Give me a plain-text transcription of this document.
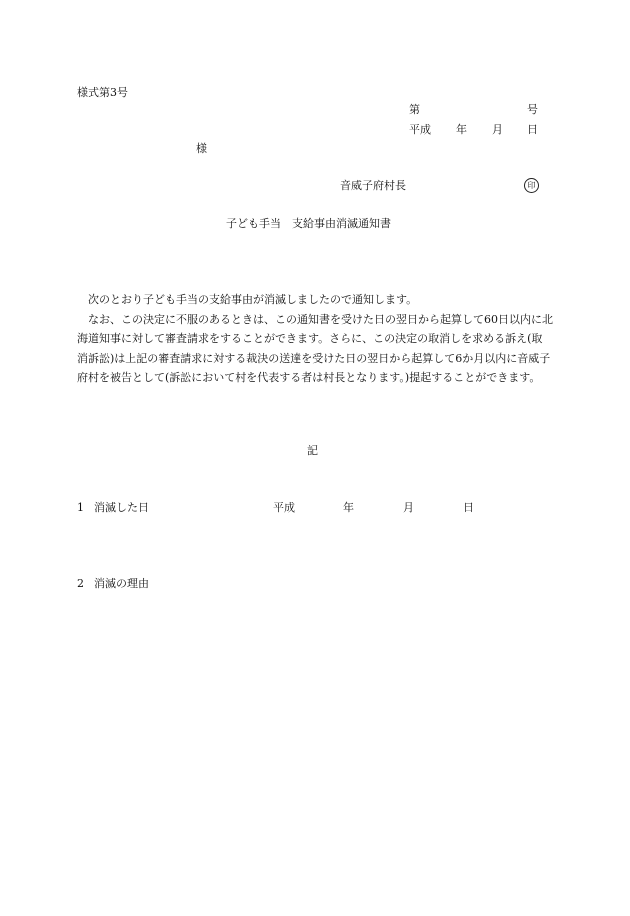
様式第3号
第	号
平成 年 月 日
様
音威子府村長	印
子ども手当　支給事由消滅通知書

次のとおり子ども手当の支給事由が消滅しましたので通知します。

なお、この決定に不服のあるときは、この通知書を受けた日の翌日から起算して60日以内に北海道知事に対して審査請求をすることができます。さらに、この決定の取消しを求める訴え(取消訴訟)は上記の審査請求に対する裁決の送達を受けた日の翌日から起算して6か月以内に音威子府村を被告として(訴訟において村を代表する者は村長となります。)提起することができます。

記
1 消滅した日	平成	年	月	日
2 消滅の理由
